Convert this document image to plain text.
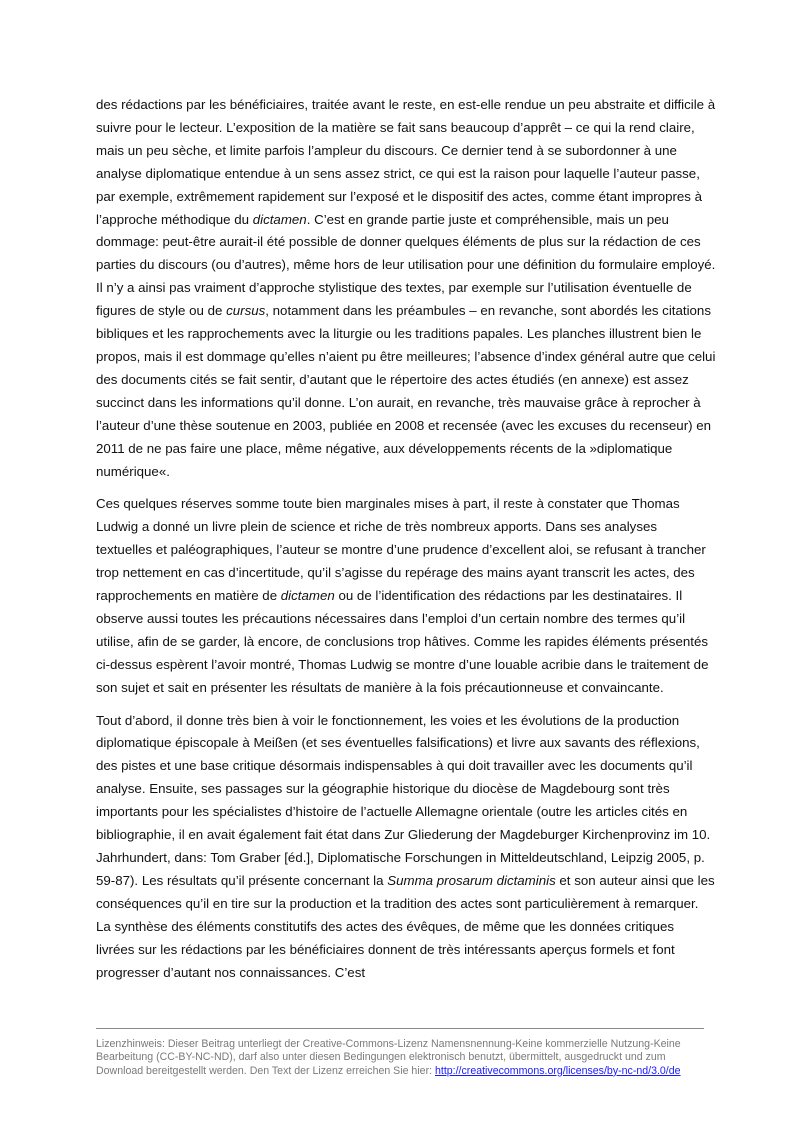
des rédactions par les bénéficiaires, traitée avant le reste, en est-elle rendue un peu abstraite et difficile à suivre pour le lecteur. L’exposition de la matière se fait sans beaucoup d’apprêt – ce qui la rend claire, mais un peu sèche, et limite parfois l’ampleur du discours. Ce dernier tend à se subordonner à une analyse diplomatique entendue à un sens assez strict, ce qui est la raison pour laquelle l’auteur passe, par exemple, extrêmement rapidement sur l’exposé et le dispositif des actes, comme étant impropres à l’approche méthodique du dictamen. C’est en grande partie juste et compréhensible, mais un peu dommage: peut-être aurait-il été possible de donner quelques éléments de plus sur la rédaction de ces parties du discours (ou d’autres), même hors de leur utilisation pour une définition du formulaire employé. Il n’y a ainsi pas vraiment d’approche stylistique des textes, par exemple sur l’utilisation éventuelle de figures de style ou de cursus, notamment dans les préambules – en revanche, sont abordés les citations bibliques et les rapprochements avec la liturgie ou les traditions papales. Les planches illustrent bien le propos, mais il est dommage qu’elles n’aient pu être meilleures; l’absence d’index général autre que celui des documents cités se fait sentir, d’autant que le répertoire des actes étudiés (en annexe) est assez succinct dans les informations qu’il donne. L’on aurait, en revanche, très mauvaise grâce à reprocher à l’auteur d’une thèse soutenue en 2003, publiée en 2008 et recensée (avec les excuses du recenseur) en 2011 de ne pas faire une place, même négative, aux développements récents de la »diplomatique numérique«.

Ces quelques réserves somme toute bien marginales mises à part, il reste à constater que Thomas Ludwig a donné un livre plein de science et riche de très nombreux apports. Dans ses analyses textuelles et paléographiques, l’auteur se montre d’une prudence d’excellent aloi, se refusant à trancher trop nettement en cas d’incertitude, qu’il s’agisse du repérage des mains ayant transcrit les actes, des rapprochements en matière de dictamen ou de l’identification des rédactions par les destinataires. Il observe aussi toutes les précautions nécessaires dans l’emploi d’un certain nombre des termes qu’il utilise, afin de se garder, là encore, de conclusions trop hâtives. Comme les rapides éléments présentés ci-dessus espèrent l’avoir montré, Thomas Ludwig se montre d’une louable acribie dans le traitement de son sujet et sait en présenter les résultats de manière à la fois précautionneuse et convaincante.

Tout d’abord, il donne très bien à voir le fonctionnement, les voies et les évolutions de la production diplomatique épiscopale à Meißen (et ses éventuelles falsifications) et livre aux savants des réflexions, des pistes et une base critique désormais indispensables à qui doit travailler avec les documents qu’il analyse. Ensuite, ses passages sur la géographie historique du diocèse de Magdebourg sont très importants pour les spécialistes d’histoire de l’actuelle Allemagne orientale (outre les articles cités en bibliographie, il en avait également fait état dans Zur Gliederung der Magdeburger Kirchenprovinz im 10. Jahrhundert, dans: Tom Graber [éd.], Diplomatische Forschungen in Mitteldeutschland, Leipzig 2005, p. 59-87). Les résultats qu’il présente concernant la Summa prosarum dictaminis et son auteur ainsi que les conséquences qu’il en tire sur la production et la tradition des actes sont particulièrement à remarquer. La synthèse des éléments constitutifs des actes des évêques, de même que les données critiques livrées sur les rédactions par les bénéficiaires donnent de très intéressants aperçus formels et font progresser d’autant nos connaissances. C’est

Lizenzhinweis: Dieser Beitrag unterliegt der Creative-Commons-Lizenz Namensnennung-Keine kommerzielle Nutzung-Keine Bearbeitung (CC-BY-NC-ND), darf also unter diesen Bedingungen elektronisch benutzt, übermittelt, ausgedruckt und zum Download bereitgestellt werden. Den Text der Lizenz erreichen Sie hier: http://creativecommons.org/licenses/by-nc-nd/3.0/de
